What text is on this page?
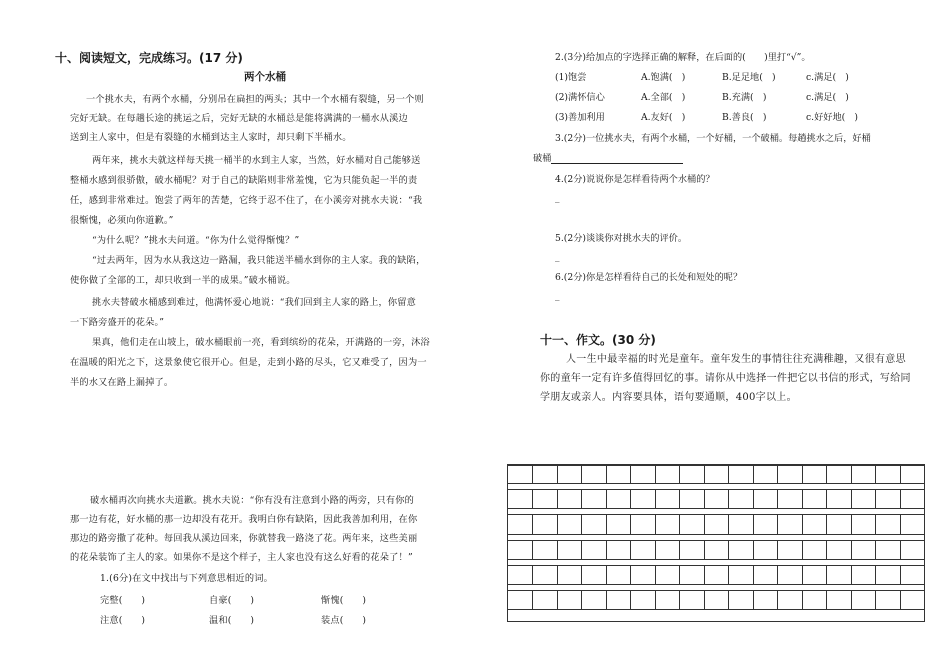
十、阅读短文，完成练习。(17 分)
两个水桶
一个挑水夫，有两个水桶，分别吊在扁担的两头；其中一个水桶有裂缝，另一个则
完好无缺。在每趟长途的挑运之后，完好无缺的水桶总是能将满满的一桶水从溪边
送到主人家中，但是有裂缝的水桶到达主人家时，却只剩下半桶水。
两年来，挑水夫就这样每天挑一桶半的水到主人家，当然，好水桶对自己能够送
整桶水感到很骄傲，破水桶呢？对于自己的缺陷则非常羞愧，它为只能负起一半的责
任，感到非常难过。饱尝了两年的苦楚，它终于忍不住了，在小溪旁对挑水夫说：“我
很惭愧，必须向你道歉。”
“为什么呢？”挑水夫问道。“你为什么觉得惭愧？”
“过去两年，因为水从我这边一路漏，我只能送半桶水到你的主人家。我的缺陷，
使你做了全部的工，却只收到一半的成果。”破水桶说。
挑水夫替破水桶感到难过，他满怀爱心地说：“我们回到主人家的路上，你留意
一下路旁盛开的花朵。”
果真，他们走在山坡上，破水桶眼前一亮，看到缤纷的花朵，开满路的一旁，沐浴
在温暖的阳光之下，这景象使它很开心。但是，走到小路的尽头，它又难受了，因为一
半的水又在路上漏掉了。
破水桶再次向挑水夫道歉。挑水夫说：“你有没有注意到小路的两旁，只有你的
那一边有花，好水桶的那一边却没有花开。我明白你有缺陷，因此我善加利用，在你
那边的路旁撒了花种。每回我从溪边回来，你就替我一路浇了花。两年来，这些美丽
的花朵装饰了主人的家。如果你不是这个样子，主人家也没有这么好看的花朵了！”
1.(6分)在文中找出与下列意思相近的词。
完整(　　)	自豪(　　)	惭愧(　　)
注意(　　)	温和(　　)	装点(　　)
2.(3分)给加点的字选择正确的解释，在后面的(　　)里打“√”。
(1)饱尝	A.饱满(　)	B.足足地(　)	c.满足(　)
(2)满怀信心	A.全部(　)	B.充满(　)	c.满足(　)
(3)善加利用	A.友好(　)	B.善良(　)	c.好好地(　)
3.(2分)一位挑水夫，有两个水桶，一个好桶，一个破桶。每趟挑水之后，好桶
破桶
4.(2分)说说你是怎样看待两个水桶的？
_
5.(2分)谈谈你对挑水夫的评价。
_
6.(2分)你是怎样看待自己的长处和短处的呢？
_
十一、作文。(30 分)
人一生中最幸福的时光是童年。童年发生的事情往往充满稚趣，又很有意思
你的童年一定有许多值得回忆的事。请你从中选择一件把它以书信的形式，写给同
学朋友或亲人。内容要具体，语句要通顺，400字以上。
